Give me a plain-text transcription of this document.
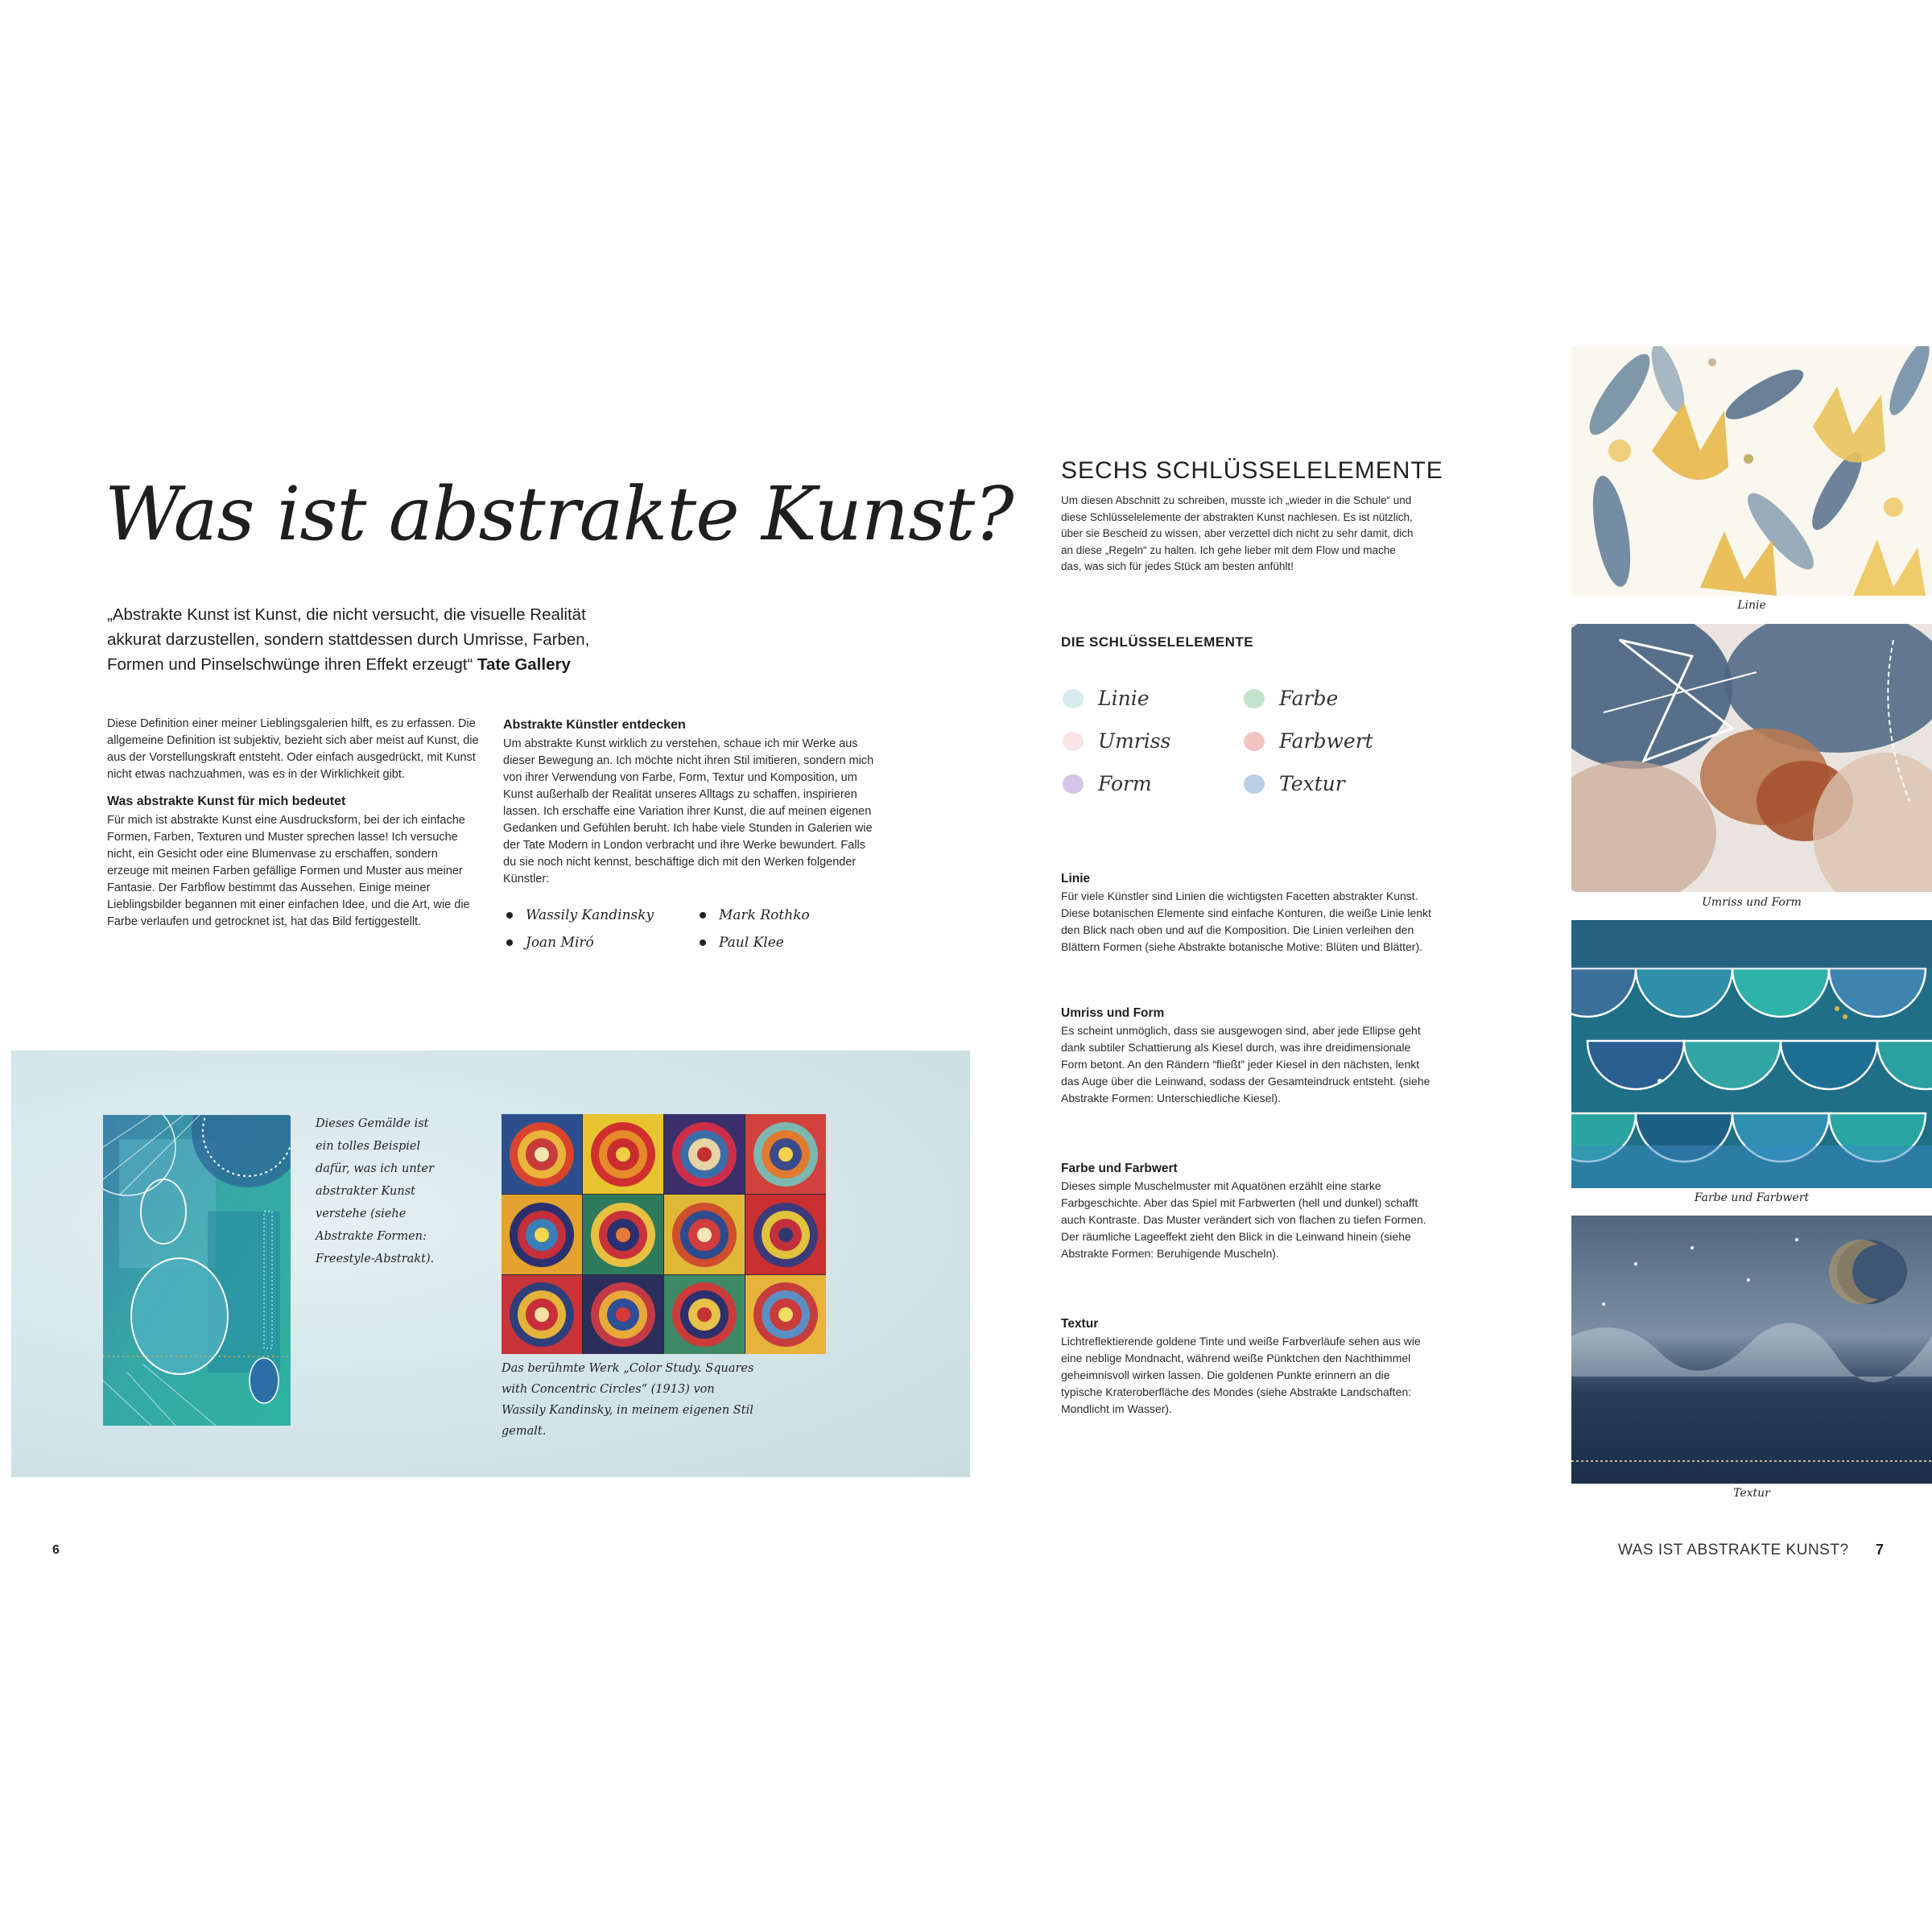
Was ist abstrakte Kunst?
„Abstrakte Kunst ist Kunst, die nicht versucht, die visuelle Realität akkurat darzustellen, sondern stattdessen durch Umrisse, Farben, Formen und Pinselschwünge ihren Effekt erzeugt“ Tate Gallery

Diese Definition einer meiner Lieblingsgalerien hilft, es zu erfassen. Die allgemeine Definition ist subjektiv, bezieht sich aber meist auf Kunst, die aus der Vorstellungskraft entsteht. Oder einfach ausgedrückt, mit Kunst nicht etwas nachzuahmen, was es in der Wirklichkeit gibt.

Was abstrakte Kunst für mich bedeutet

Für mich ist abstrakte Kunst eine Ausdrucksform, bei der ich einfache Formen, Farben, Texturen und Muster sprechen lasse! Ich versuche nicht, ein Gesicht oder eine Blumenvase zu erschaffen, sondern erzeuge mit meinen Farben gefällige Formen und Muster aus meiner Fantasie. Der Farbflow bestimmt das Aussehen. Einige meiner Lieblingsbilder begannen mit einer einfachen Idee, und die Art, wie die Farbe verlaufen und getrocknet ist, hat das Bild fertiggestellt.

Abstrakte Künstler entdecken

Um abstrakte Kunst wirklich zu verstehen, schaue ich mir Werke aus dieser Bewegung an. Ich möchte nicht ihren Stil imitieren, sondern mich von ihrer Verwendung von Farbe, Form, Textur und Komposition, um Kunst außerhalb der Realität unseres Alltags zu schaffen, inspirieren lassen. Ich erschaffe eine Variation ihrer Kunst, die auf meinen eigenen Gedanken und Gefühlen beruht. Ich habe viele Stunden in Galerien wie der Tate Modern in London verbracht und ihre Werke bewundert. Falls du sie noch nicht kennst, beschäftige dich mit den Werken folgender Künstler:

Wassily Kandinsky	Mark Rothko
Joan Miró	Paul Klee
Dieses Gemälde ist ein tolles Beispiel dafür, was ich unter abstrakter Kunst verstehe (siehe Abstrakte Formen: Freestyle-Abstrakt).
Das berühmte Werk „Color Study. Squares with Concentric Circles“ (1913) von Wassily Kandinsky, in meinem eigenen Stil gemalt.
6
SECHS SCHLÜSSELELEMENTE

Um diesen Abschnitt zu schreiben, musste ich „wieder in die Schule“ und diese Schlüsselelemente der abstrakten Kunst nachlesen. Es ist nützlich, über sie Bescheid zu wissen, aber verzettel dich nicht zu sehr damit, dich an diese „Regeln“ zu halten. Ich gehe lieber mit dem Flow und mache das, was sich für jedes Stück am besten anfühlt!

DIE SCHLÜSSELELEMENTE
Linie	Farbe
Umriss	Farbwert
Form	Textur
Linie

Für viele Künstler sind Linien die wichtigsten Facetten abstrakter Kunst. Diese botanischen Elemente sind einfache Konturen, die weiße Linie lenkt den Blick nach oben und auf die Komposition. Die Linien verleihen den Blättern Formen (siehe Abstrakte botanische Motive: Blüten und Blätter).

Umriss und Form

Es scheint unmöglich, dass sie ausgewogen sind, aber jede Ellipse geht dank subtiler Schattierung als Kiesel durch, was ihre dreidimensionale Form betont. An den Rändern “fließt” jeder Kiesel in den nächsten, lenkt das Auge über die Leinwand, sodass der Gesamteindruck entsteht. (siehe Abstrakte Formen: Unterschiedliche Kiesel).

Farbe und Farbwert

Dieses simple Muschelmuster mit Aquatönen erzählt eine starke Farbgeschichte. Aber das Spiel mit Farbwerten (hell und dunkel) schafft auch Kontraste. Das Muster verändert sich von flachen zu tiefen Formen. Der räumliche Lageeffekt zieht den Blick in die Leinwand hinein (siehe Abstrakte Formen: Beruhigende Muscheln).

Textur

Lichtreflektierende goldene Tinte und weiße Farbverläufe sehen aus wie eine neblige Mondnacht, während weiße Pünktchen den Nachthimmel geheimnisvoll wirken lassen. Die goldenen Punkte erinnern an die typische Kraterоberfläche des Mondes (siehe Abstrakte Landschaften: Mondlicht im Wasser).

Linie
Umriss und Form
Farbe und Farbwert
Textur
WAS IST ABSTRAKTE KUNST? 7
